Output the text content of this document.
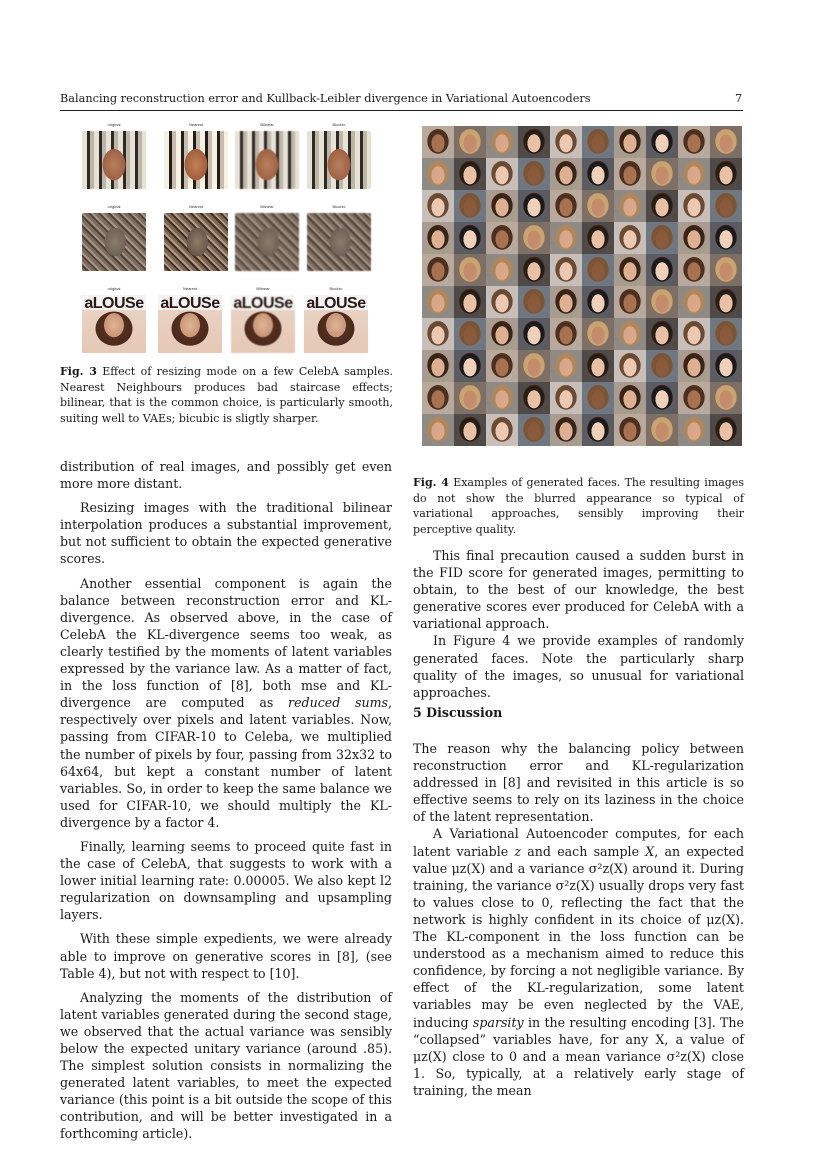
Balancing reconstruction error and Kullback-Leibler divergence in Variational Autoencoders	7
original	Nearest	Bilinear	Bicubic
original	Nearest	Bilinear	Bicubic
original
aLOUSe
Nearest
aLOUSe
Bilinear
aLOUSe
Bicubic
aLOUSe
Fig. 3 Effect of resizing mode on a few CelebA samples. Nearest Neighbours produces bad staircase effects; bilinear, that is the common choice, is particularly smooth, suiting well to VAEs; bicubic is sligtly sharper.
Fig. 4 Examples of generated faces. The resulting images do not show the blurred appearance so typical of variational approaches, sensibly improving their perceptive quality.

distribution of real images, and possibly get even more more distant.

Resizing images with the traditional bilinear interpolation produces a substantial improvement, but not sufficient to obtain the expected generative scores.

Another essential component is again the balance between reconstruction error and KL-divergence. As observed above, in the case of CelebA the KL-divergence seems too weak, as clearly testified by the moments of latent variables expressed by the variance law. As a matter of fact, in the loss function of [8], both mse and KL-divergence are computed as reduced sums, respectively over pixels and latent variables. Now, passing from CIFAR-10 to Celeba, we multiplied the number of pixels by four, passing from 32x32 to 64x64, but kept a constant number of latent variables. So, in order to keep the same balance we used for CIFAR-10, we should multiply the KL-divergence by a factor 4.

Finally, learning seems to proceed quite fast in the case of CelebA, that suggests to work with a lower initial learning rate: 0.00005. We also kept l2 regularization on downsampling and upsampling layers.

With these simple expedients, we were already able to improve on generative scores in [8], (see Table 4), but not with respect to [10].

Analyzing the moments of the distribution of latent variables generated during the second stage, we observed that the actual variance was sensibly below the expected unitary variance (around .85). The simplest solution consists in normalizing the generated latent variables, to meet the expected variance (this point is a bit outside the scope of this contribution, and will be better investigated in a forthcoming article).

This final precaution caused a sudden burst in the FID score for generated images, permitting to obtain, to the best of our knowledge, the best generative scores ever produced for CelebA with a variational approach.

In Figure 4 we provide examples of randomly generated faces. Note the particularly sharp quality of the images, so unusual for variational approaches.

5 Discussion

The reason why the balancing policy between reconstruction error and KL-regularization addressed in [8] and revisited in this article is so effective seems to rely on its laziness in the choice of the latent representation.

A Variational Autoencoder computes, for each latent variable z and each sample X, an expected value μz(X) and a variance σ²z(X) around it. During training, the variance σ²z(X) usually drops very fast to values close to 0, reflecting the fact that the network is highly confident in its choice of μz(X). The KL-component in the loss function can be understood as a mechanism aimed to reduce this confidence, by forcing a not negligible variance. By effect of the KL-regularization, some latent variables may be even neglected by the VAE, inducing sparsity in the resulting encoding [3]. The “collapsed” variables have, for any X, a value of μz(X) close to 0 and a mean variance σ²z(X) close 1. So, typically, at a relatively early stage of training, the mean
